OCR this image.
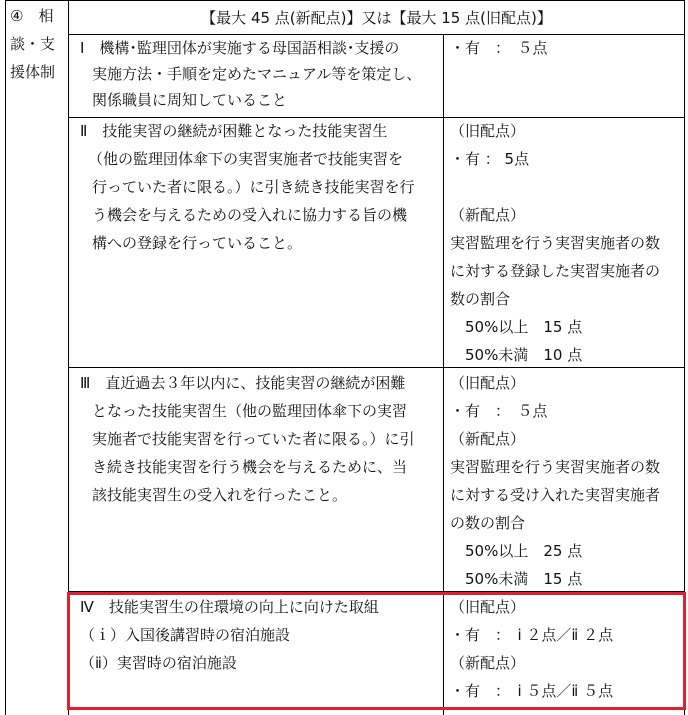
④　相
談・支
援体制
【最大 45 点(新配点)】又は【最大 15 点(旧配点)】
Ⅰ　機構･監理団体が実施する母国語相談･支援の
実施方法・手順を定めたマニュアル等を策定し、
関係職員に周知していること
・有　：　５点
Ⅱ　技能実習の継続が困難となった技能実習生
（他の監理団体傘下の実習実施者で技能実習を
行っていた者に限る。）に引き続き技能実習を行
う機会を与えるための受入れに協力する旨の機
構への登録を行っていること。
（旧配点）
・有 ： 5点
（新配点）
実習監理を行う実習実施者の数
に対する登録した実習実施者の
数の割合
　50%以上　15 点
　50%未満　10 点
Ⅲ　直近過去３年以内に、技能実習の継続が困難
となった技能実習生（他の監理団体傘下の実習
実施者で技能実習を行っていた者に限る。）に引
き続き技能実習を行う機会を与えるために、当
該技能実習生の受入れを行ったこと。
（旧配点）
・有　：　５点
（新配点）
実習監理を行う実習実施者の数
に対する受け入れた実習実施者
の数の割合
　50%以上　25 点
　50%未満　15 点
Ⅳ　技能実習生の住環境の向上に向けた取組
（ｉ）入国後講習時の宿泊施設
（ⅱ）実習時の宿泊施設
（旧配点）
・有　：　ⅰ ２点／ⅱ ２点
（新配点）
・有　：　ⅰ ５点／ⅱ ５点
